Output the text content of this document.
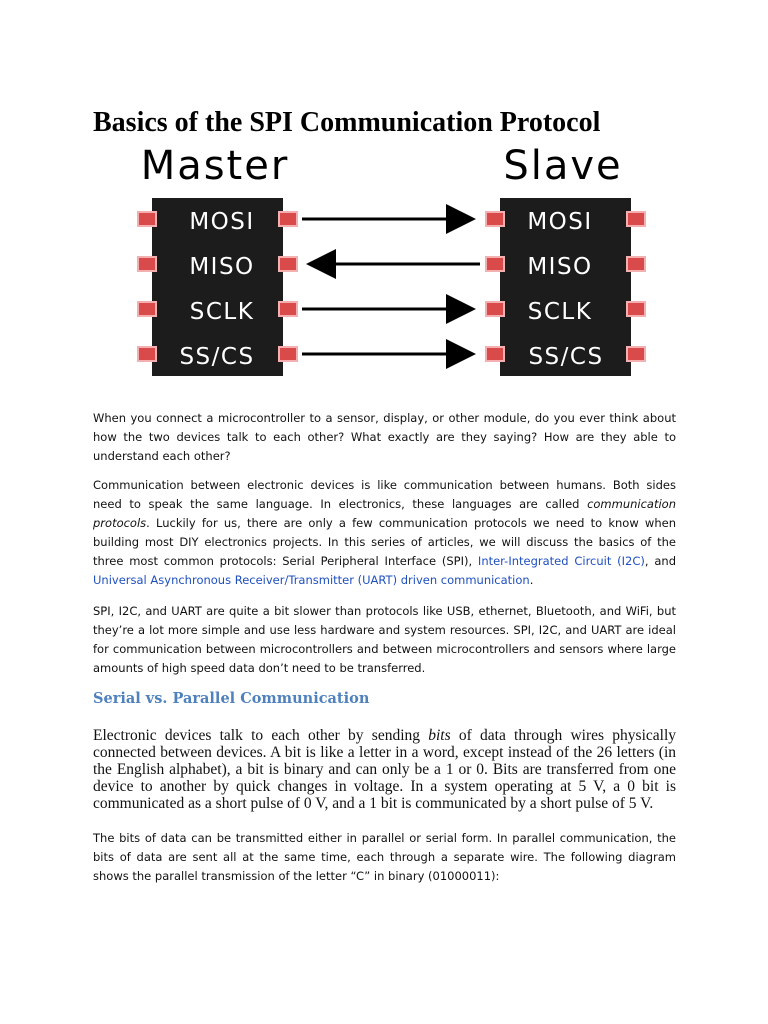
Basics of the SPI Communication Protocol
Master	Slave
MOSI
MISO
SCLK
SS/CS
MOSI
MISO
SCLK
SS/CS

When you connect a microcontroller to a sensor, display, or other module, do you ever think about how the two devices talk to each other? What exactly are they saying? How are they able to understand each other?

Communication between electronic devices is like communication between humans. Both sides need to speak the same language. In electronics, these languages are called communication protocols. Luckily for us, there are only a few communication protocols we need to know when building most DIY electronics projects. In this series of articles, we will discuss the basics of the three most common protocols: Serial Peripheral Interface (SPI), Inter-Integrated Circuit (I2C), and Universal Asynchronous Receiver/Transmitter (UART) driven communication.

SPI, I2C, and UART are quite a bit slower than protocols like USB, ethernet, Bluetooth, and WiFi, but they’re a lot more simple and use less hardware and system resources. SPI, I2C, and UART are ideal for communication between microcontrollers and between microcontrollers and sensors where large amounts of high speed data don’t need to be transferred.

Serial vs. Parallel Communication

Electronic devices talk to each other by sending bits of data through wires physically connected between devices. A bit is like a letter in a word, except instead of the 26 letters (in the English alphabet), a bit is binary and can only be a 1 or 0. Bits are transferred from one device to another by quick changes in voltage. In a system operating at 5 V, a 0 bit is communicated as a short pulse of 0 V, and a 1 bit is communicated by a short pulse of 5 V.

The bits of data can be transmitted either in parallel or serial form. In parallel communication, the bits of data are sent all at the same time, each through a separate wire. The following diagram shows the parallel transmission of the letter “C” in binary (01000011):
